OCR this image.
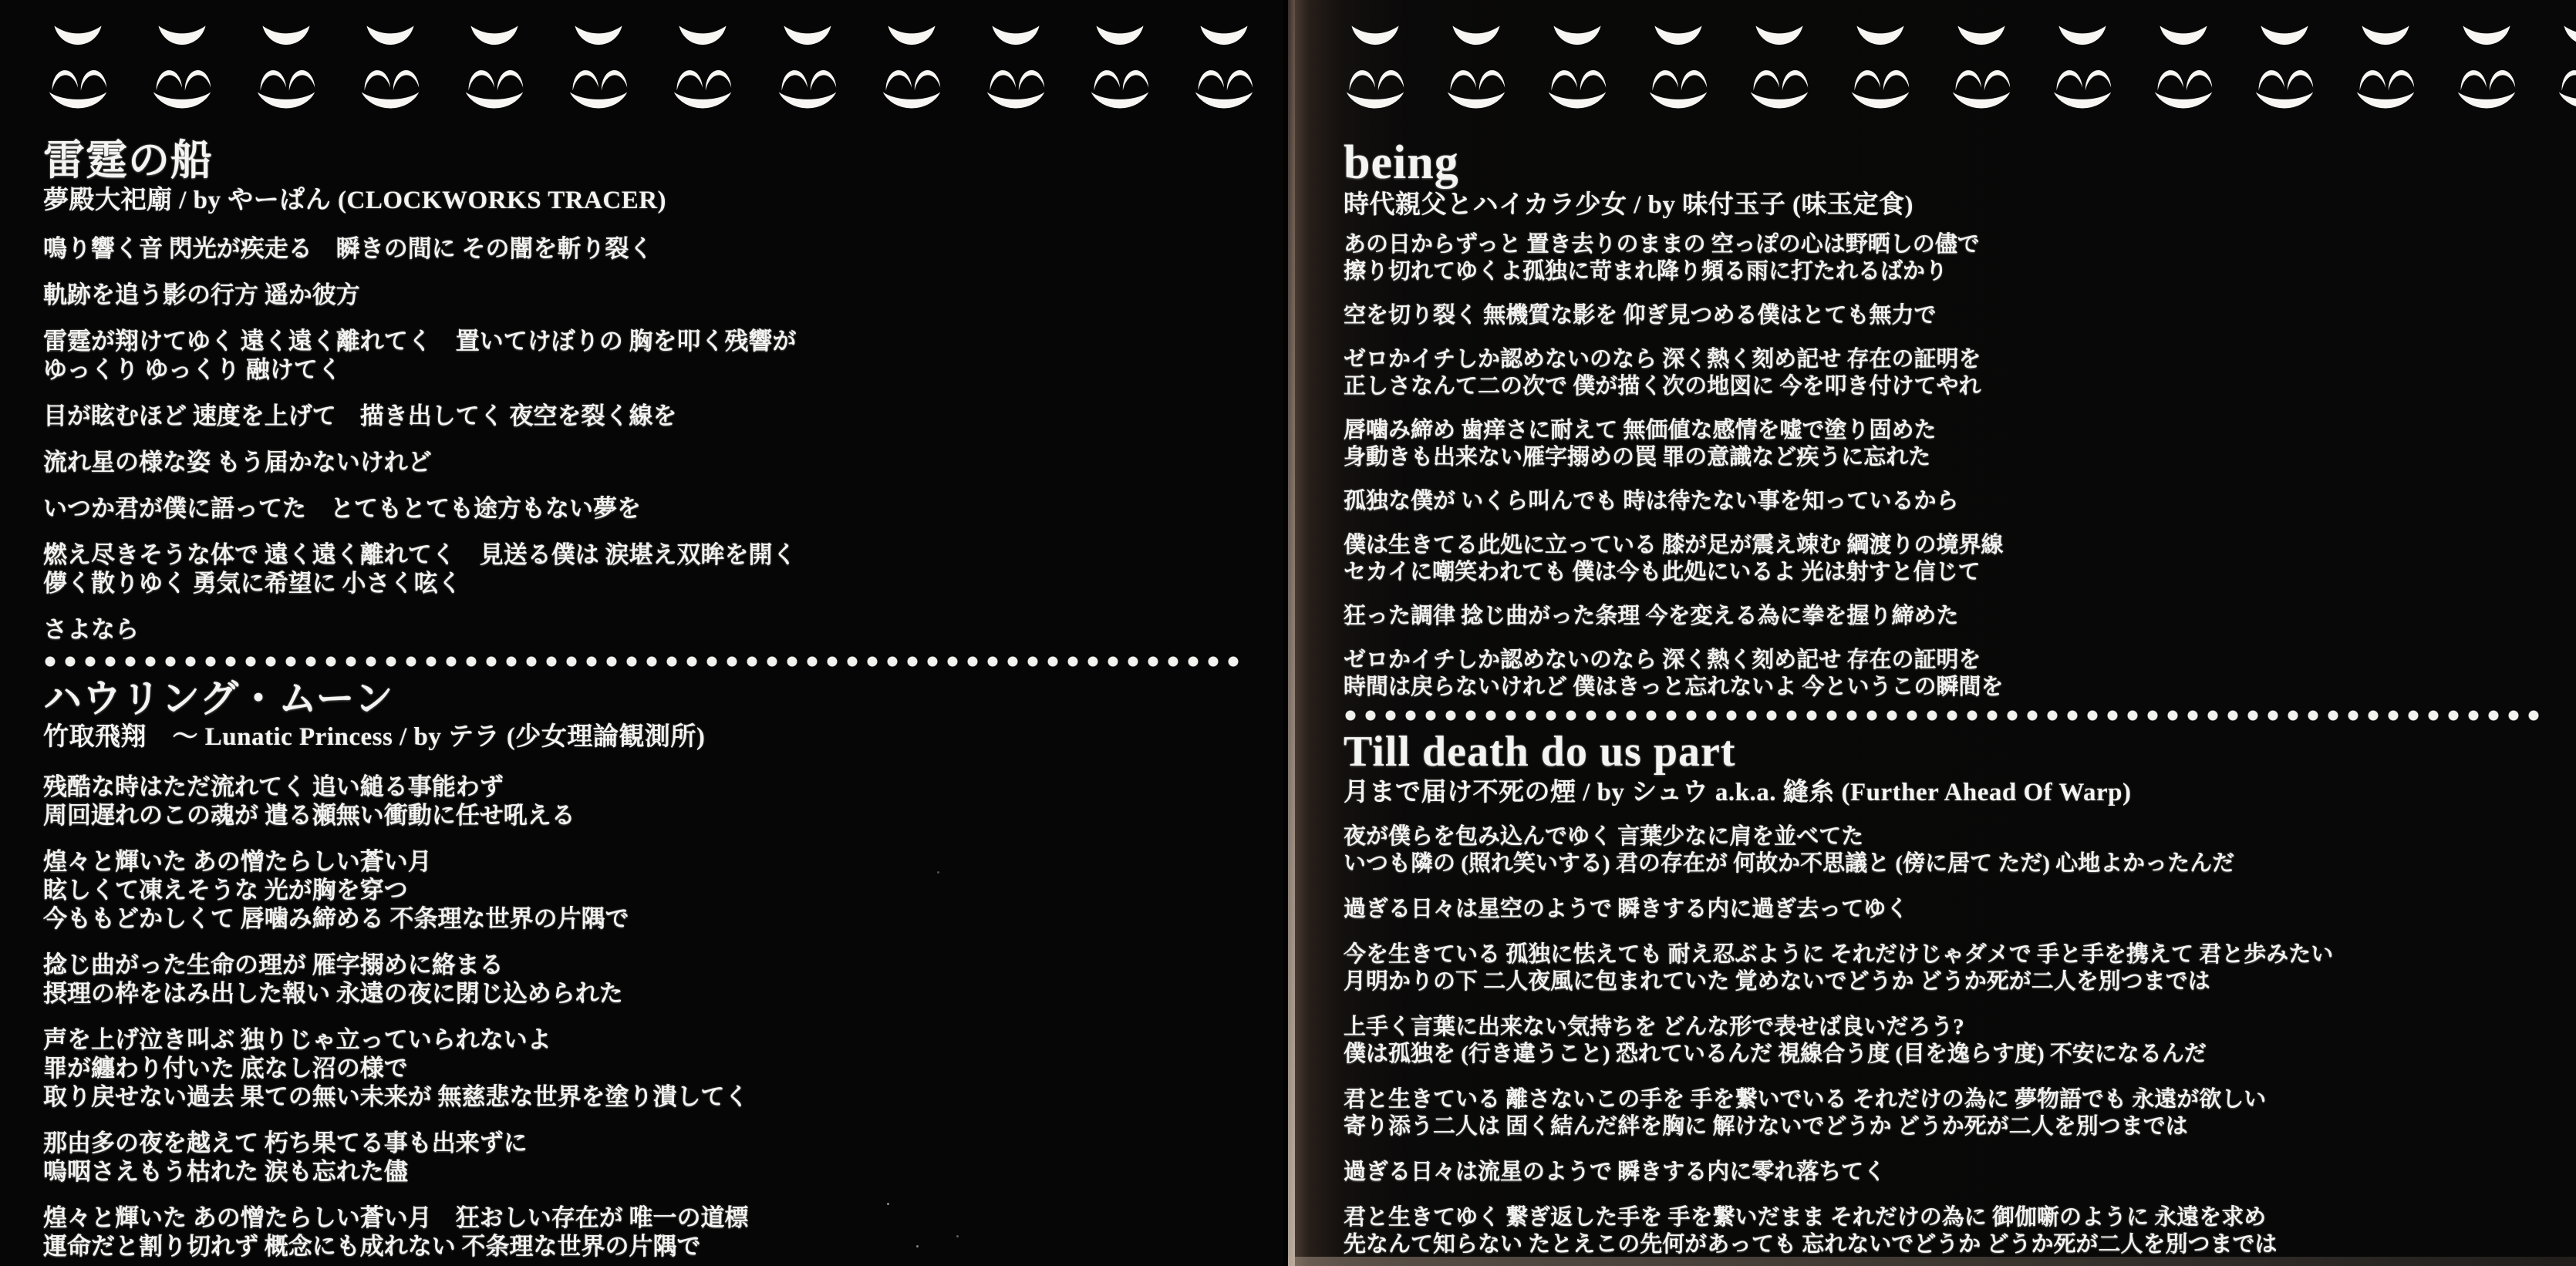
雷霆の船
夢殿大祀廟 / by やーぱん (CLOCKWORKS TRACER)
鳴り響く音 閃光が疾走る　瞬きの間に その闇を斬り裂く
軌跡を追う影の行方 遥か彼方
雷霆が翔けてゆく 遠く遠く離れてく　置いてけぼりの 胸を叩く残響が
ゆっくり ゆっくり 融けてく
目が眩むほど 速度を上げて　描き出してく 夜空を裂く線を
流れ星の様な姿 もう届かないけれど
いつか君が僕に語ってた　とてもとても途方もない夢を
燃え尽きそうな体で 遠く遠く離れてく　見送る僕は 涙堪え双眸を開く
儚く散りゆく 勇気に希望に 小さく呟く
さよなら
ハウリング・ムーン
竹取飛翔　～ Lunatic Princess / by テラ (少女理論観測所)
残酷な時はただ流れてく 追い縋る事能わず
周回遅れのこの魂が 遣る瀬無い衝動に任せ吼える
煌々と輝いた あの憎たらしい蒼い月
眩しくて凍えそうな 光が胸を穿つ
今ももどかしくて 唇噛み締める 不条理な世界の片隅で
捻じ曲がった生命の理が 雁字搦めに絡まる
摂理の枠をはみ出した報い 永遠の夜に閉じ込められた
声を上げ泣き叫ぶ 独りじゃ立っていられないよ
罪が纏わり付いた 底なし沼の様で
取り戻せない過去 果ての無い未来が 無慈悲な世界を塗り潰してく
那由多の夜を越えて 朽ち果てる事も出来ずに
嗚咽さえもう枯れた 涙も忘れた儘
煌々と輝いた あの憎たらしい蒼い月　狂おしい存在が 唯一の道標
運命だと割り切れず 概念にも成れない 不条理な世界の片隅で
being
時代親父とハイカラ少女 / by 味付玉子 (味玉定食)
あの日からずっと 置き去りのままの 空っぽの心は野晒しの儘で
擦り切れてゆくよ孤独に苛まれ降り頻る雨に打たれるばかり
空を切り裂く 無機質な影を 仰ぎ見つめる僕はとても無力で
ゼロかイチしか認めないのなら 深く熱く刻め記せ 存在の証明を
正しさなんて二の次で 僕が描く次の地図に 今を叩き付けてやれ
唇噛み締め 歯痒さに耐えて 無価値な感情を嘘で塗り固めた
身動きも出来ない雁字搦めの罠 罪の意識など疾うに忘れた
孤独な僕が いくら叫んでも 時は待たない事を知っているから
僕は生きてる此処に立っている 膝が足が震え竦む 綱渡りの境界線
セカイに嘲笑われても 僕は今も此処にいるよ 光は射すと信じて
狂った調律 捻じ曲がった条理 今を変える為に拳を握り締めた
ゼロかイチしか認めないのなら 深く熱く刻め記せ 存在の証明を
時間は戻らないけれど 僕はきっと忘れないよ 今というこの瞬間を
Till death do us part
月まで届け不死の煙 / by シュウ a.k.a. 縫糸 (Further Ahead Of Warp)
夜が僕らを包み込んでゆく 言葉少なに肩を並べてた
いつも隣の (照れ笑いする) 君の存在が 何故か不思議と (傍に居て ただ) 心地よかったんだ
過ぎる日々は星空のようで 瞬きする内に過ぎ去ってゆく
今を生きている 孤独に怯えても 耐え忍ぶように それだけじゃダメで 手と手を携えて 君と歩みたい
月明かりの下 二人夜風に包まれていた 覚めないでどうか どうか死が二人を別つまでは
上手く言葉に出来ない気持ちを どんな形で表せば良いだろう?
僕は孤独を (行き違うこと) 恐れているんだ 視線合う度 (目を逸らす度) 不安になるんだ
君と生きている 離さないこの手を 手を繋いでいる それだけの為に 夢物語でも 永遠が欲しい
寄り添う二人は 固く結んだ絆を胸に 解けないでどうか どうか死が二人を別つまでは
過ぎる日々は流星のようで 瞬きする内に零れ落ちてく
君と生きてゆく 繋ぎ返した手を 手を繋いだまま それだけの為に 御伽噺のように 永遠を求め
先なんて知らない たとえこの先何があっても 忘れないでどうか どうか死が二人を別つまでは
